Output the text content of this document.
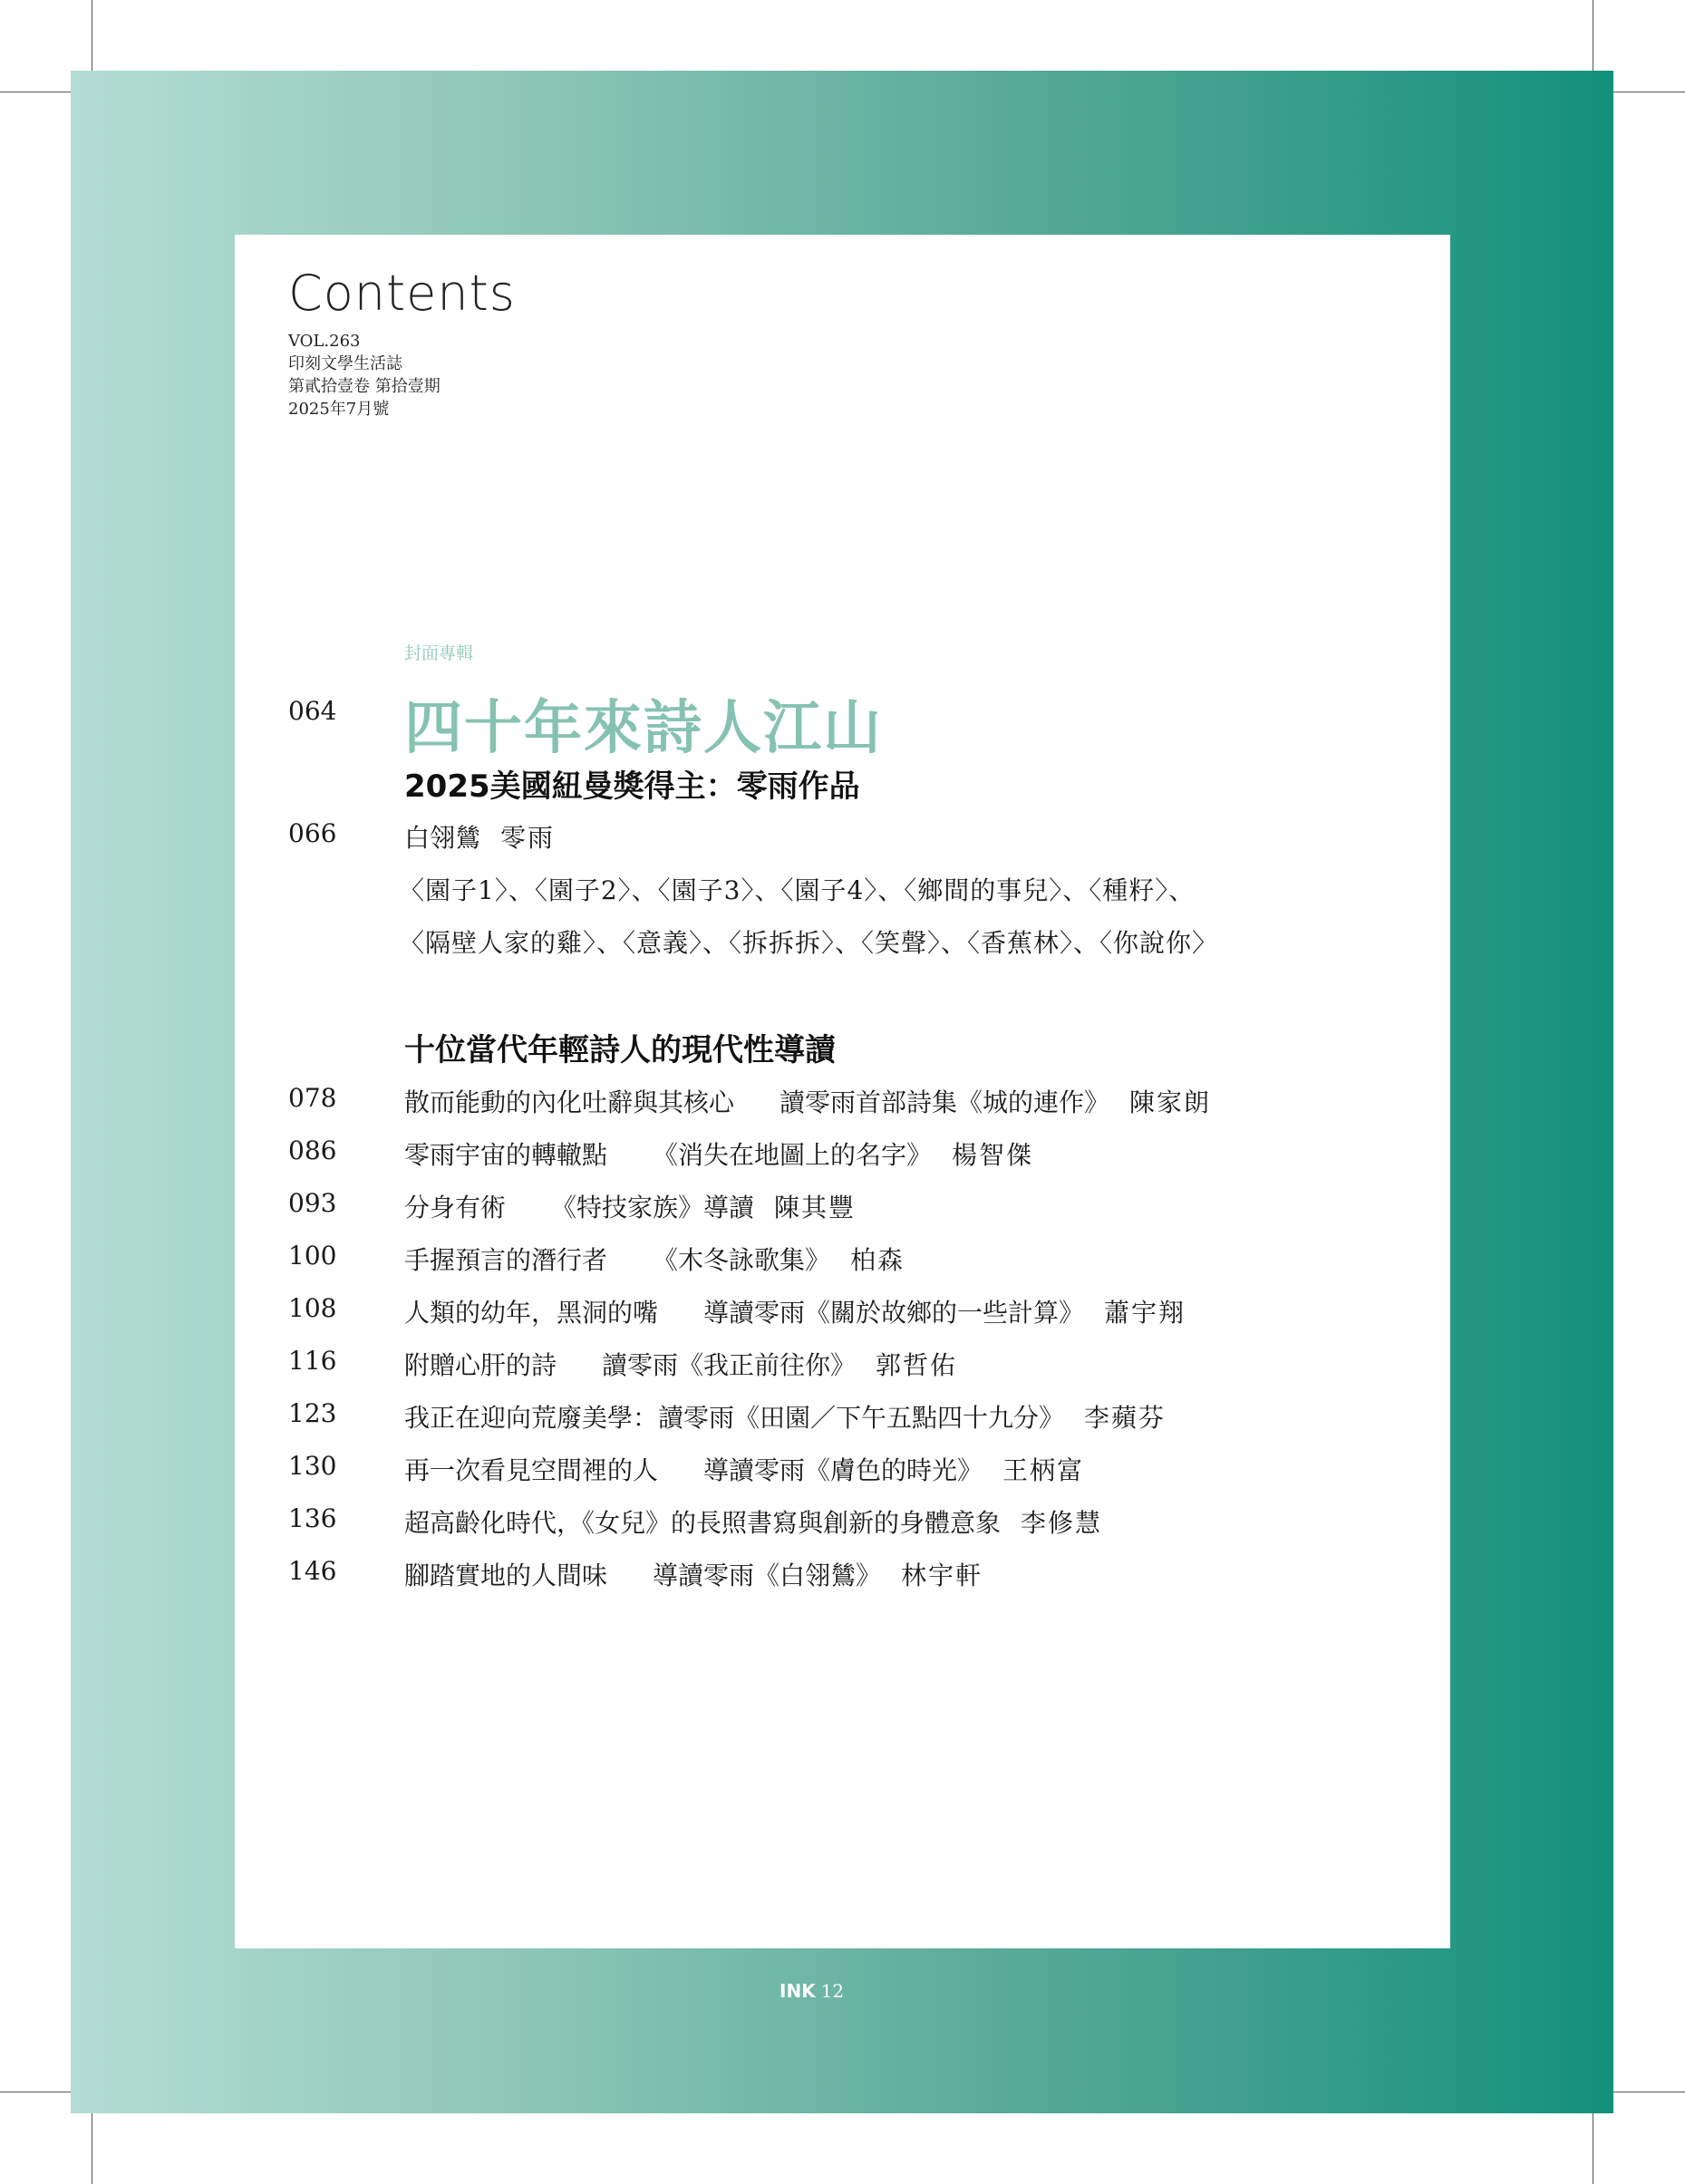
Contents
VOL.263
印刻文學生活誌
第貳拾壹卷 第拾壹期
2025年7月號
封面專輯
064 四十年來詩人江山
2025美國紐曼獎得主：零雨作品
066	白翎鷥 零雨
〈園子1〉、〈園子2〉、〈園子3〉、〈園子4〉、〈鄉間的事兒〉、〈種籽〉、
〈隔壁人家的雞〉、〈意義〉、〈拆拆拆〉、〈笑聲〉、〈香蕉林〉、〈你說你〉
十位當代年輕詩人的現代性導讀
078	散而能動的內化吐辭與其核心 讀零雨首部詩集《城的連作》 陳家朗
086	零雨宇宙的轉轍點 《消失在地圖上的名字》 楊智傑
093	分身有術 《特技家族》導讀 陳其豐
100	手握預言的潛行者 《木冬詠歌集》 柏森
108	人類的幼年，黑洞的嘴 導讀零雨《關於故鄉的一些計算》 蕭宇翔
116	附贈心肝的詩 讀零雨《我正前往你》 郭哲佑
123	我正在迎向荒廢美學：讀零雨《田園／下午五點四十九分》 李蘋芬
130	再一次看見空間裡的人 導讀零雨《膚色的時光》 王柄富
136	超高齡化時代，《女兒》的長照書寫與創新的身體意象 李修慧
146	腳踏實地的人間味 導讀零雨《白翎鷥》 林宇軒
INK 12
